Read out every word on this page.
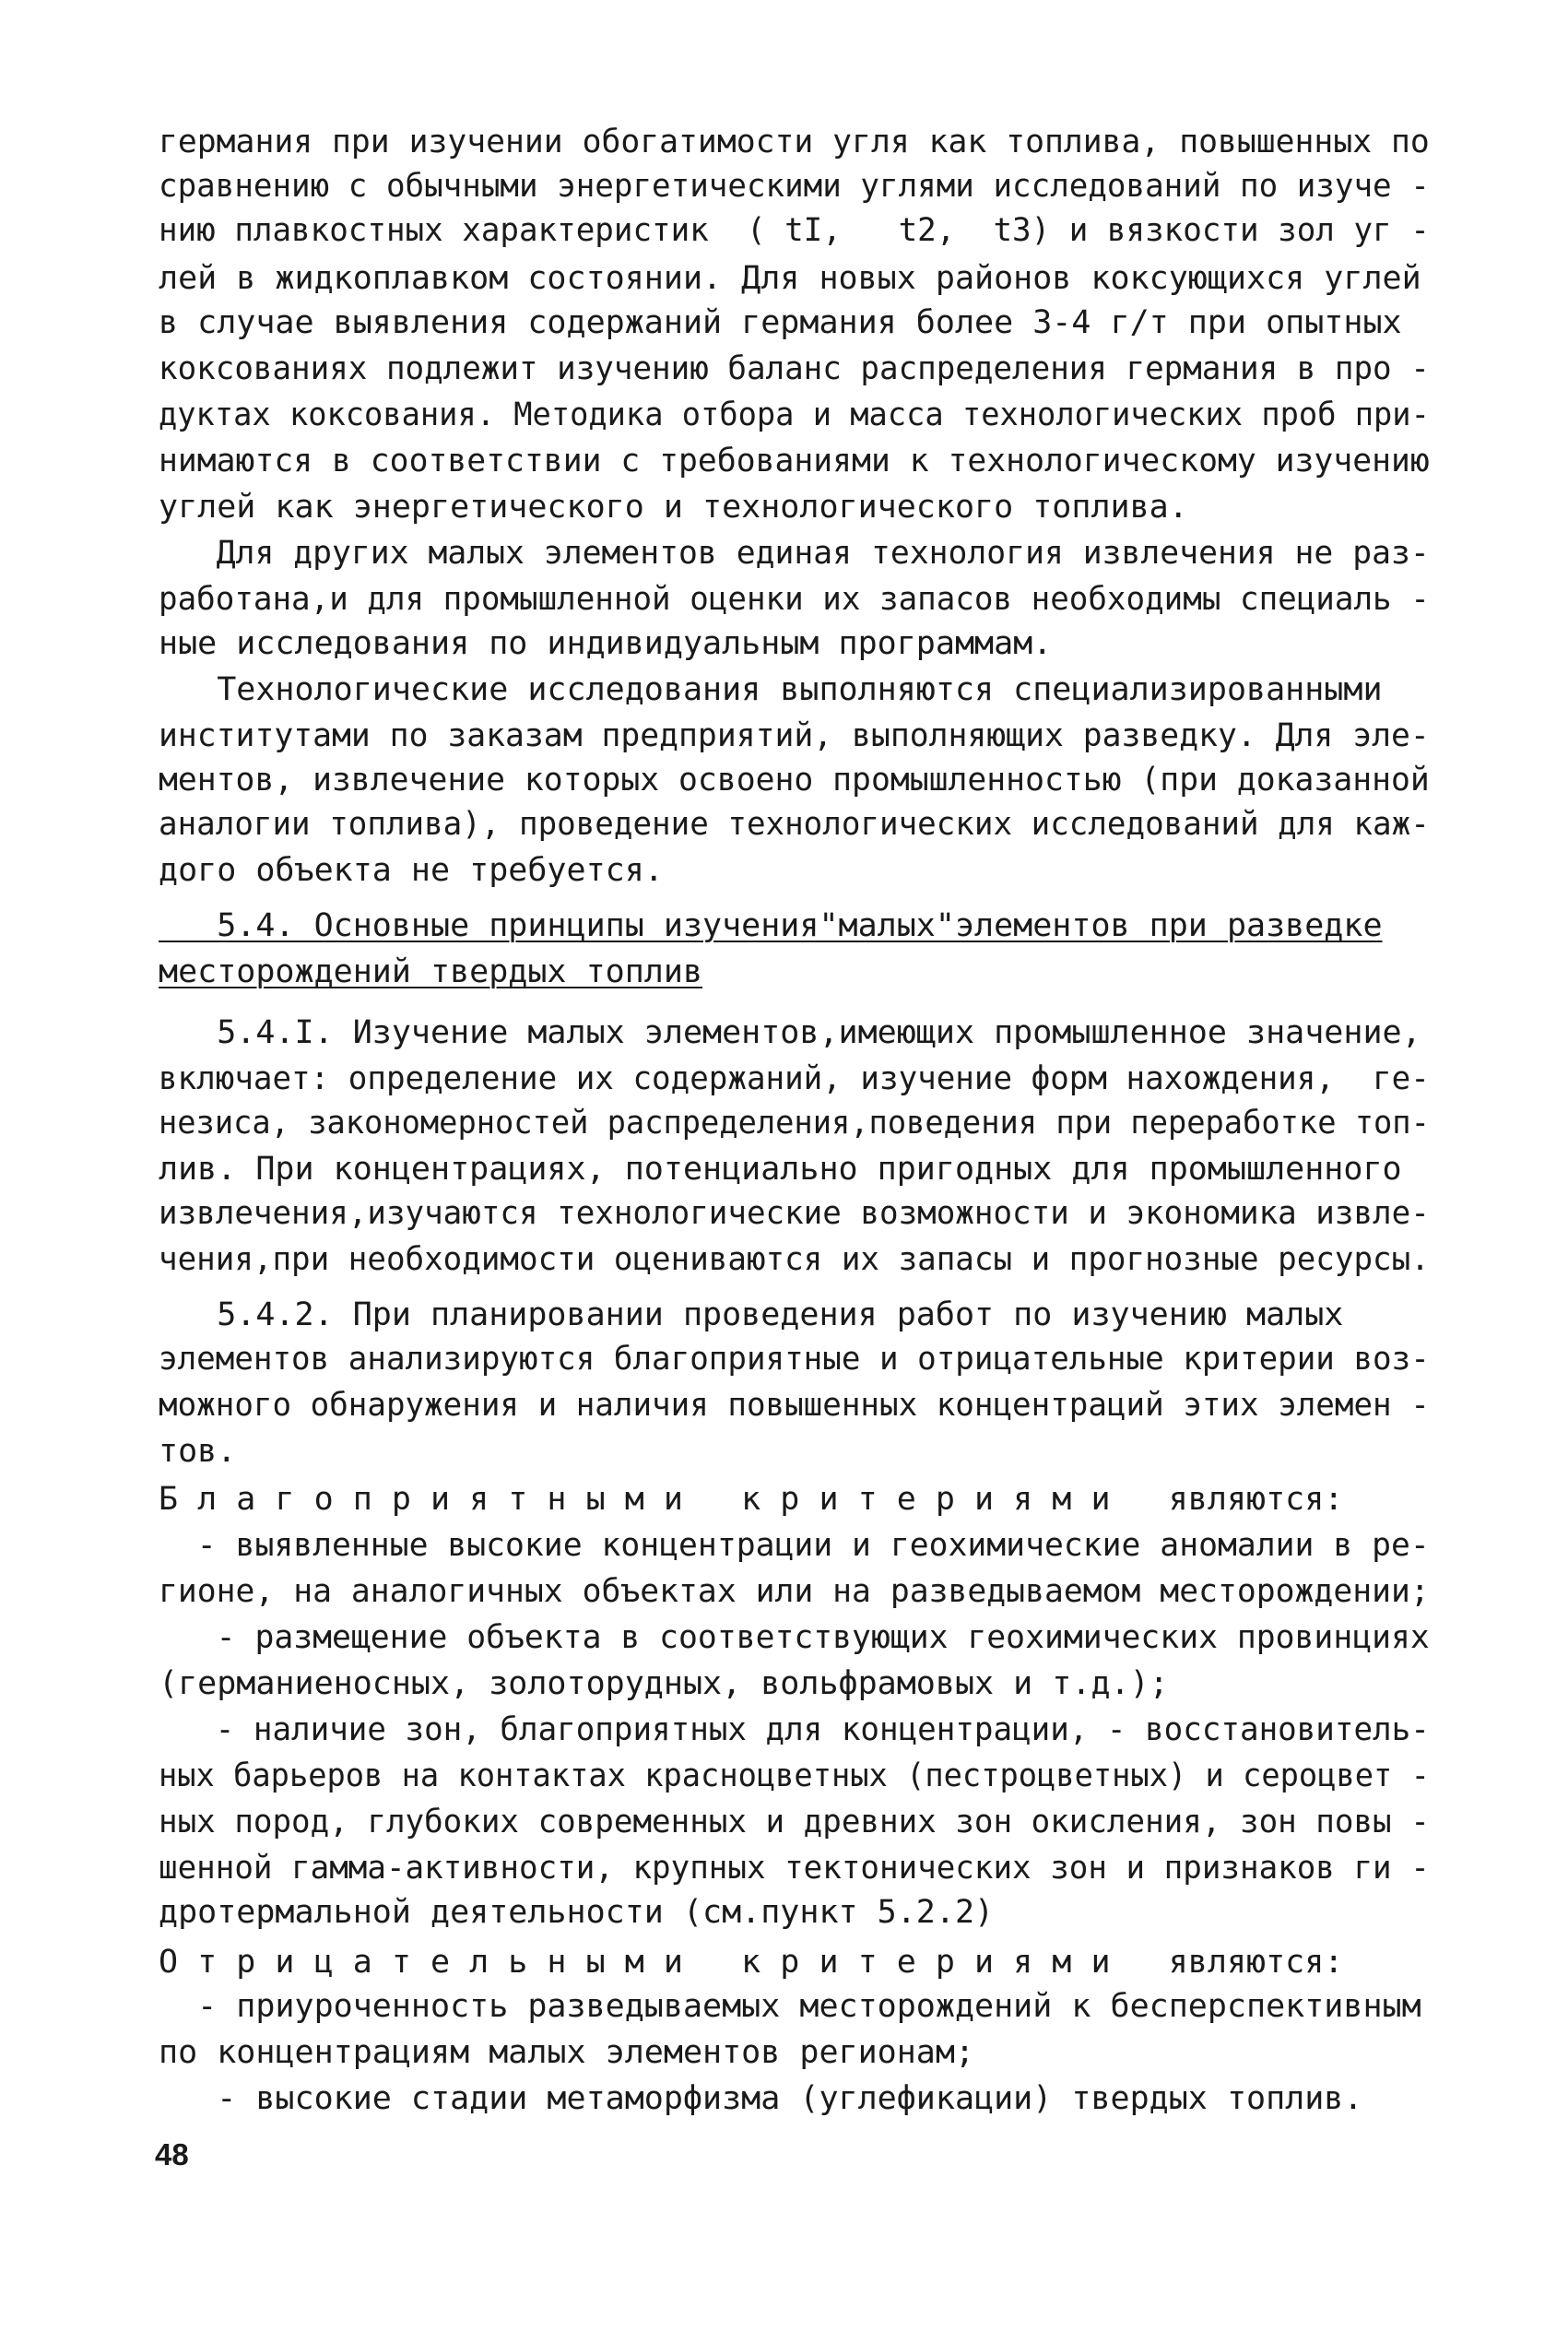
германия при изучении обогатимости угля как топлива, повышенных по

сравнению с обычными энергетическими углями исследований по изуче -

нию плавкостных характеристик  ( tI,   t2,  t3) и вязкости зол уг -

лей в жидкоплавком состоянии. Для новых районов коксующихся углей

в случае выявления содержаний германия более 3-4 г/т при опытных

коксованиях подлежит изучению баланс распределения германия в про -

дуктах коксования. Методика отбора и масса технологических проб при-

нимаются в соответствии с требованиями к технологическому изучению

углей как энергетического и технологического топлива.

Для других малых элементов единая технология извлечения не раз-

работана,и для промышленной оценки их запасов необходимы специаль -

ные исследования по индивидуальным программам.

Технологические исследования выполняются специализированными

институтами по заказам предприятий, выполняющих разведку. Для эле-

ментов, извлечение которых освоено промышленностью (при доказанной

аналогии топлива), проведение технологических исследований для каж-

дого объекта не требуется.

5.4. Основные принципы изучения"малых"элементов при разведке

месторождений твердых топлив

5.4.I. Изучение малых элементов,имеющих промышленное значение,

включает: определение их содержаний, изучение форм нахождения,  ге-

незиса, закономерностей распределения,поведения при переработке топ-

лив. При концентрациях, потенциально пригодных для промышленного

извлечения,изучаются технологические возможности и экономика извле-

чения,при необходимости оцениваются их запасы и прогнозные ресурсы.

5.4.2. При планировании проведения работ по изучению малых

элементов анализируются благоприятные и отрицательные критерии воз-

можного обнаружения и наличия повышенных концентраций этих элемен -

тов.

Б л а г о п р и я т н ы м и   к р и т е р и я м и   являются:

- выявленные высокие концентрации и геохимические аномалии в ре-

гионе, на аналогичных объектах или на разведываемом месторождении;

- размещение объекта в соответствующих геохимических провинциях

(германиеносных, золоторудных, вольфрамовых и т.д.);

- наличие зон, благоприятных для концентрации, - восстановитель-

ных барьеров на контактах красноцветных (пестроцветных) и сероцвет -

ных пород, глубоких современных и древних зон окисления, зон повы -

шенной гамма-активности, крупных тектонических зон и признаков ги -

дротермальной деятельности (см.пункт 5.2.2)

О т р и ц а т е л ь н ы м и   к р и т е р и я м и   являются:

- приуроченность разведываемых месторождений к бесперспективным

по концентрациям малых элементов регионам;

- высокие стадии метаморфизма (углефикации) твердых топлив.

48
